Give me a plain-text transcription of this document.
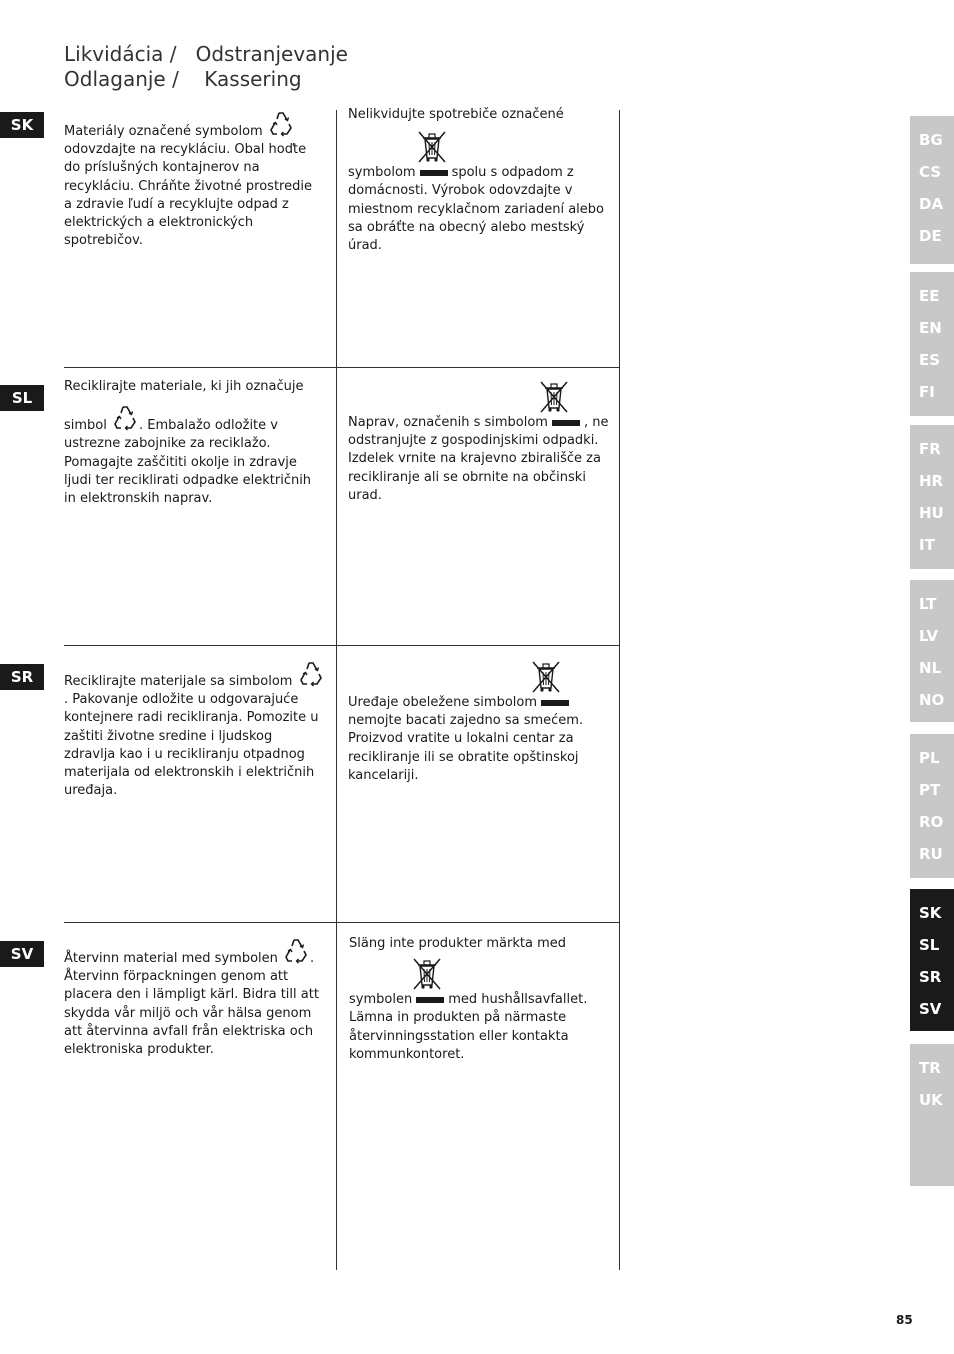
Likvidácia /   Odstranjevanje
Odlaganje /    Kassering
SK
SL
SR
SV

Materiály označené symbolom  odovzdajte na recykláciu. Obal hoďte do príslušných kontajnerov na recykláciu. Chráňte životné prostredie a zdravie ľudí a recyklujte odpad z elektrických a elektronických spotrebičov.

Nelikvidujte spotrebiče označené

symbolom	spolu s odpadom z domácnosti. Výrobok odovzdajte v miestnom recyklačnom zariadení alebo sa obráťte na obecný alebo mestský úrad.

Reciklirajte materiale, ki jih označuje

simbol . Embalažo odložite v ustrezne zabojnike za reciklažo. Pomagajte zaščititi okolje in zdravje ljudi ter reciklirati odpadke električnih in elektronskih naprav.

Naprav, označenih s simbolom	, ne odstranjujte z gospodinjskimi odpadki. Izdelek vrnite na krajevno zbirališče za recikliranje ali se obrnite na občinski urad.

Reciklirajte materijale sa simbolom . Pakovanje odložite u odgovarajuće kontejnere radi recikliranja. Pomozite u zaštiti životne sredine i ljudskog zdravlja kao i u recikliranju otpadnog materijala od elektronskih i električnih uređaja.

Uređaje obeležene simbolom nemojte bacati zajedno sa smećem. Proizvod vratite u lokalni centar za recikliranje ili se obratite opštinskoj kancelariji.

Återvinn material med symbolen . Återvinn förpackningen genom att placera den i lämpligt kärl. Bidra till att skydda vår miljö och vår hälsa genom att återvinna avfall från elektriska och elektroniska produkter.

Släng inte produkter märkta med

symbolen	med hushållsavfallet. Lämna in produkten på närmaste återvinningsstation eller kontakta kommunkontoret.

BG
CS
DA
DE
EE
EN
ES
FI
FR
HR
HU
IT
LT
LV
NL
NO
PL
PT
RO
RU
SK
SL
SR
SV
TR
UK
85
